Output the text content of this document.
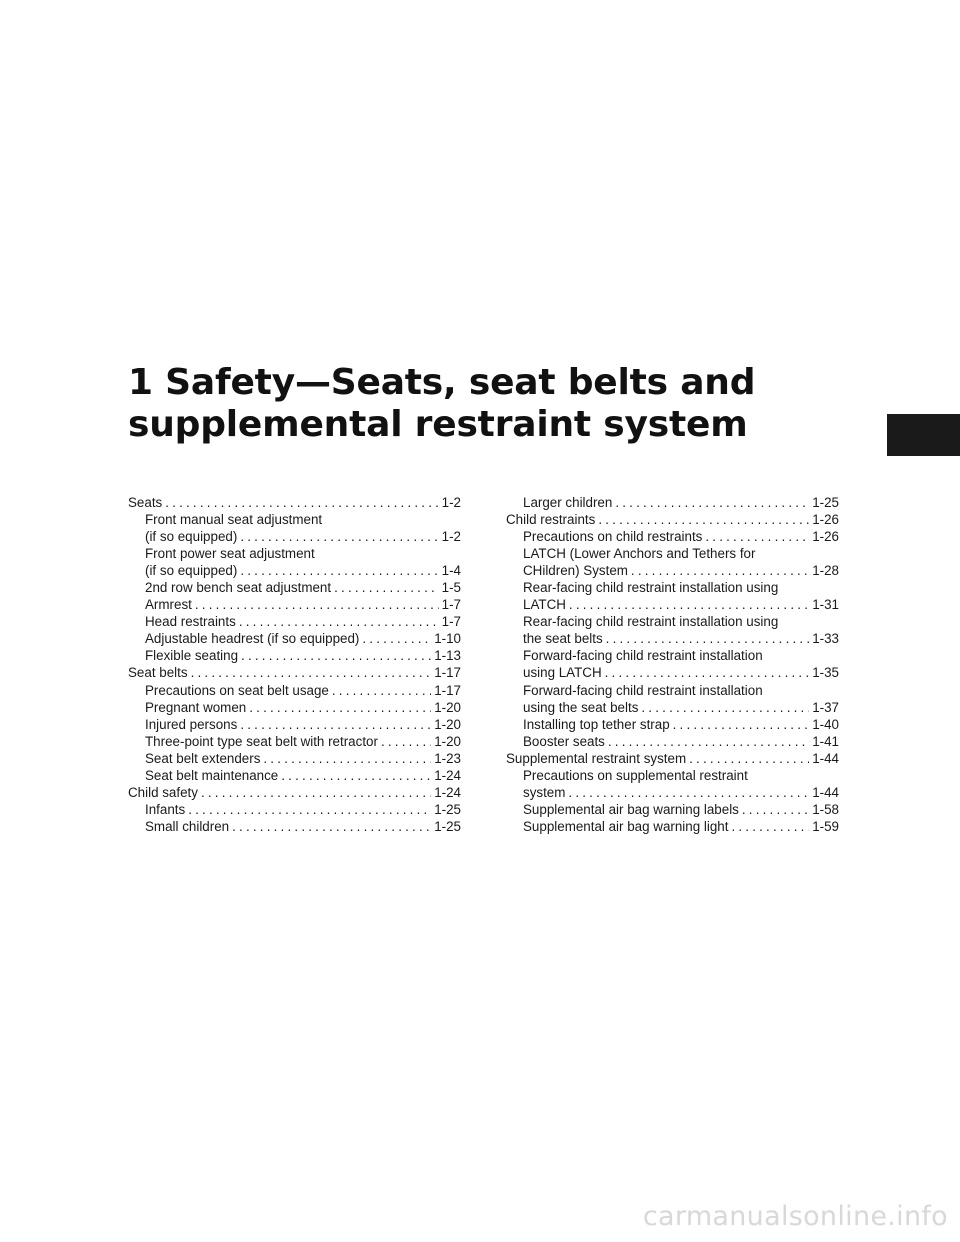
1 Safety—Seats, seat belts and
supplemental restraint system
Seats .....	1-2
Front manual seat adjustment
(if so equipped) .....	1-2
Front power seat adjustment
(if so equipped) .....	1-4
2nd row bench seat adjustment .....	1-5
Armrest .....	1-7
Head restraints .....	1-7
Adjustable headrest (if so equipped) .....	1-10
Flexible seating .....	1-13
Seat belts .....	1-17
Precautions on seat belt usage .....	1-17
Pregnant women .....	1-20
Injured persons .....	1-20
Three-point type seat belt with retractor .....	1-20
Seat belt extenders .....	1-23
Seat belt maintenance .....	1-24
Child safety .....	1-24
Infants .....	1-25
Small children .....	1-25
Larger children .....	1-25
Child restraints .....	1-26
Precautions on child restraints .....	1-26
LATCH (Lower Anchors and Tethers for
CHildren) System .....	1-28
Rear-facing child restraint installation using
LATCH .....	1-31
Rear-facing child restraint installation using
the seat belts .....	1-33
Forward-facing child restraint installation
using LATCH .....	1-35
Forward-facing child restraint installation
using the seat belts .....	1-37
Installing top tether strap .....	1-40
Booster seats .....	1-41
Supplemental restraint system .....	1-44
Precautions on supplemental restraint
system .....	1-44
Supplemental air bag warning labels .....	1-58
Supplemental air bag warning light .....	1-59
carmanualsonline.info
